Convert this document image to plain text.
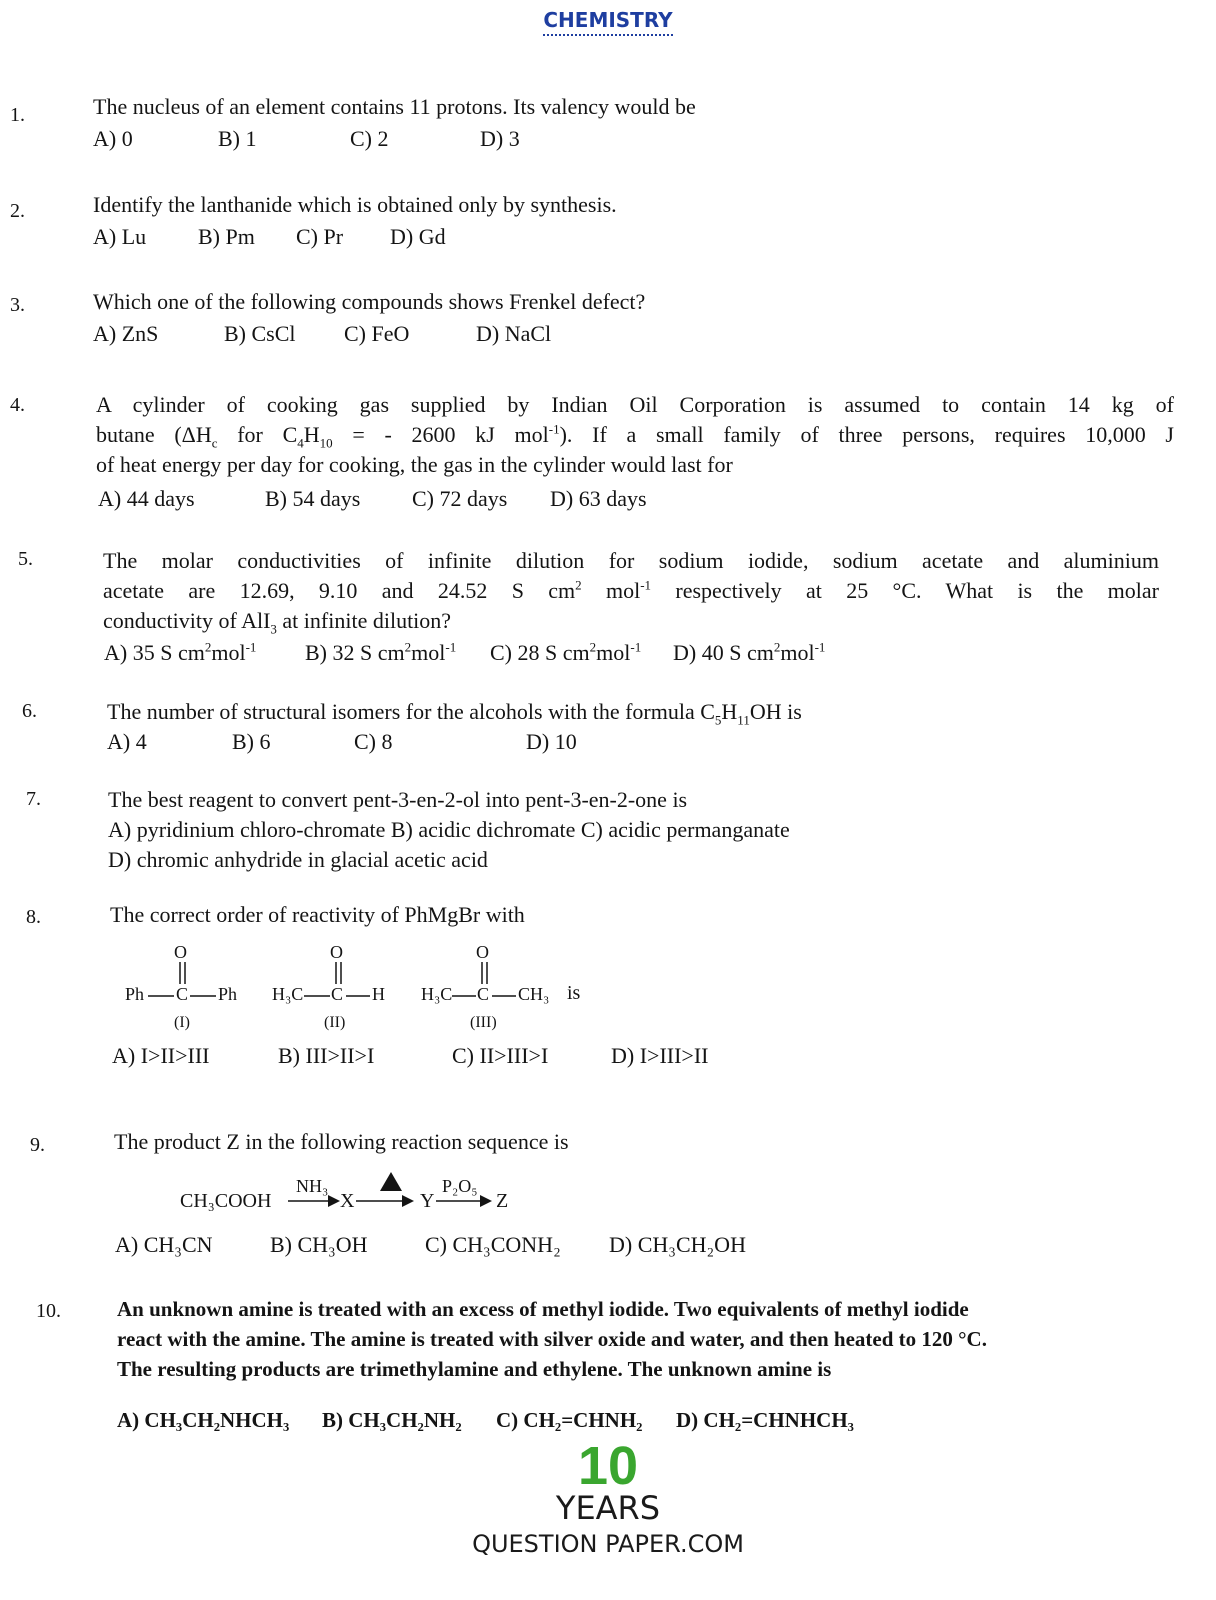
CHEMISTRY
1.	The nucleus of an element contains 11 protons. Its valency would be
A) 0	B) 1	C) 2	D) 3
2.	Identify the lanthanide which is obtained only by synthesis.
A) Lu B) Pm C) Pr D) Gd
3.	Which one of the following compounds shows Frenkel defect?
A) ZnS	B) CsCl C) FeO	D) NaCl
4.	A cylinder of cooking gas supplied by Indian Oil Corporation is assumed to contain 14 kg of
butane ($\Delta H_c$ for $C_4H_{10}$ = - 2600 kJ mol$^{-1}$). If a small family of three persons, requires 10,000 J
of heat energy per day for cooking, the gas in the cylinder would last for
A) 44 days	B) 54 days C) 72 days D) 63 days
5.	The molar conductivities of infinite dilution for sodium iodide, sodium acetate and aluminium
acetate are 12.69, 9.10 and 24.52 S $cm^2$ mol$^{-1}$ respectively at 25 °C. What is the molar
conductivity of AlI$_3$ at infinite dilution?
A) 35 S $cm^2mol^{-1}$ B) 32 S $cm^2mol^{-1}$ C) 28 S $cm^2mol^{-1}$ D) 40 S $cm^2mol^{-1}$
6.	The number of structural isomers for the alcohols with the formula $C_5H_{11}OH$ is
A) 4	B) 6	C) 8	D) 10
7.	The best reagent to convert pent-3-en-2-ol into pent-3-en-2-one is
A) pyridinium chloro-chromate B) acidic dichromate C) acidic permanganate
D) chromic anhydride in glacial acetic acid
8.	The correct order of reactivity of PhMgBr with
O
Ph C Ph
(I)
O
H₃C C H
(II)
O
H₃C C CH₃ is
(III)
A) I>II>III	B) III>II>I	C) II>III>I	D) I>III>II
9.	The product Z in the following reaction sequence is
CH₃COOH
NH₃
→ X → Y
P₂O₅
→ Z
A) CH₃CN	B) CH₃OH	C) CH₃CONH₂ D) CH₃CH₂OH
10.	An unknown amine is treated with an excess of methyl iodide. Two equivalents of methyl iodide
react with the amine. The amine is treated with silver oxide and water, and then heated to 120 °C.
The resulting products are trimethylamine and ethylene. The unknown amine is
A) CH₃CH₂NHCH₃ B) CH₃CH₂NH₂ C) CH₂=CHNH₂ D) CH₂=CHNHCH₃
10
YEARS
QUESTION PAPER.COM
